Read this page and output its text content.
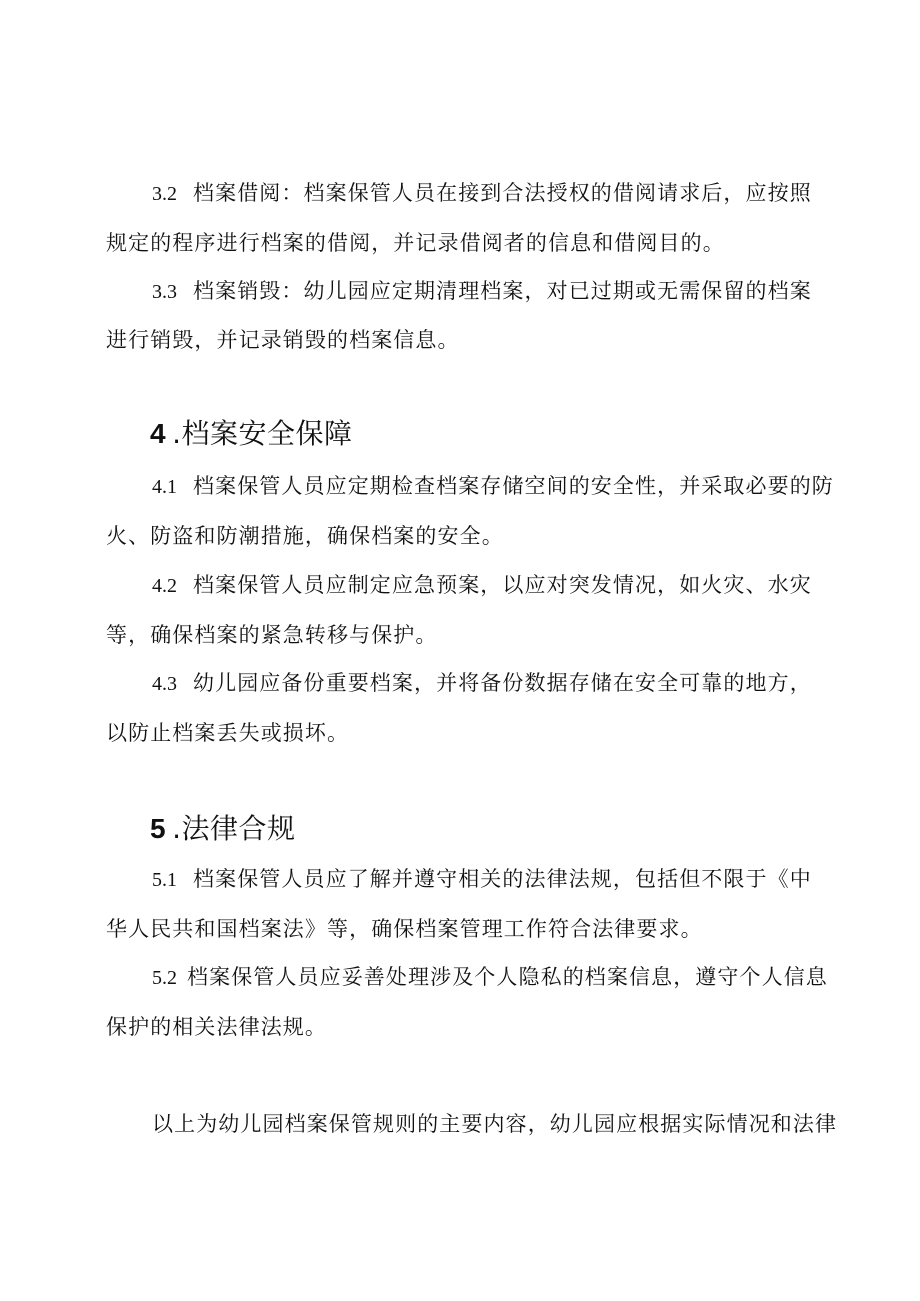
3.2 档案借阅：档案保管人员在接到合法授权的借阅请求后，应按照
规定的程序进行档案的借阅，并记录借阅者的信息和借阅目的。
3.3 档案销毁：幼儿园应定期清理档案，对已过期或无需保留的档案
进行销毁，并记录销毁的档案信息。
4 .档案安全保障
4.1 档案保管人员应定期检查档案存储空间的安全性，并采取必要的防
火、防盗和防潮措施，确保档案的安全。
4.2 档案保管人员应制定应急预案，以应对突发情况，如火灾、水灾
等，确保档案的紧急转移与保护。
4.3 幼儿园应备份重要档案，并将备份数据存储在安全可靠的地方，
以防止档案丢失或损坏。
5 .法律合规
5.1 档案保管人员应了解并遵守相关的法律法规，包括但不限于《中
华人民共和国档案法》等，确保档案管理工作符合法律要求。
5.2 档案保管人员应妥善处理涉及个人隐私的档案信息，遵守个人信息
保护的相关法律法规。
以上为幼儿园档案保管规则的主要内容，幼儿园应根据实际情况和法律
